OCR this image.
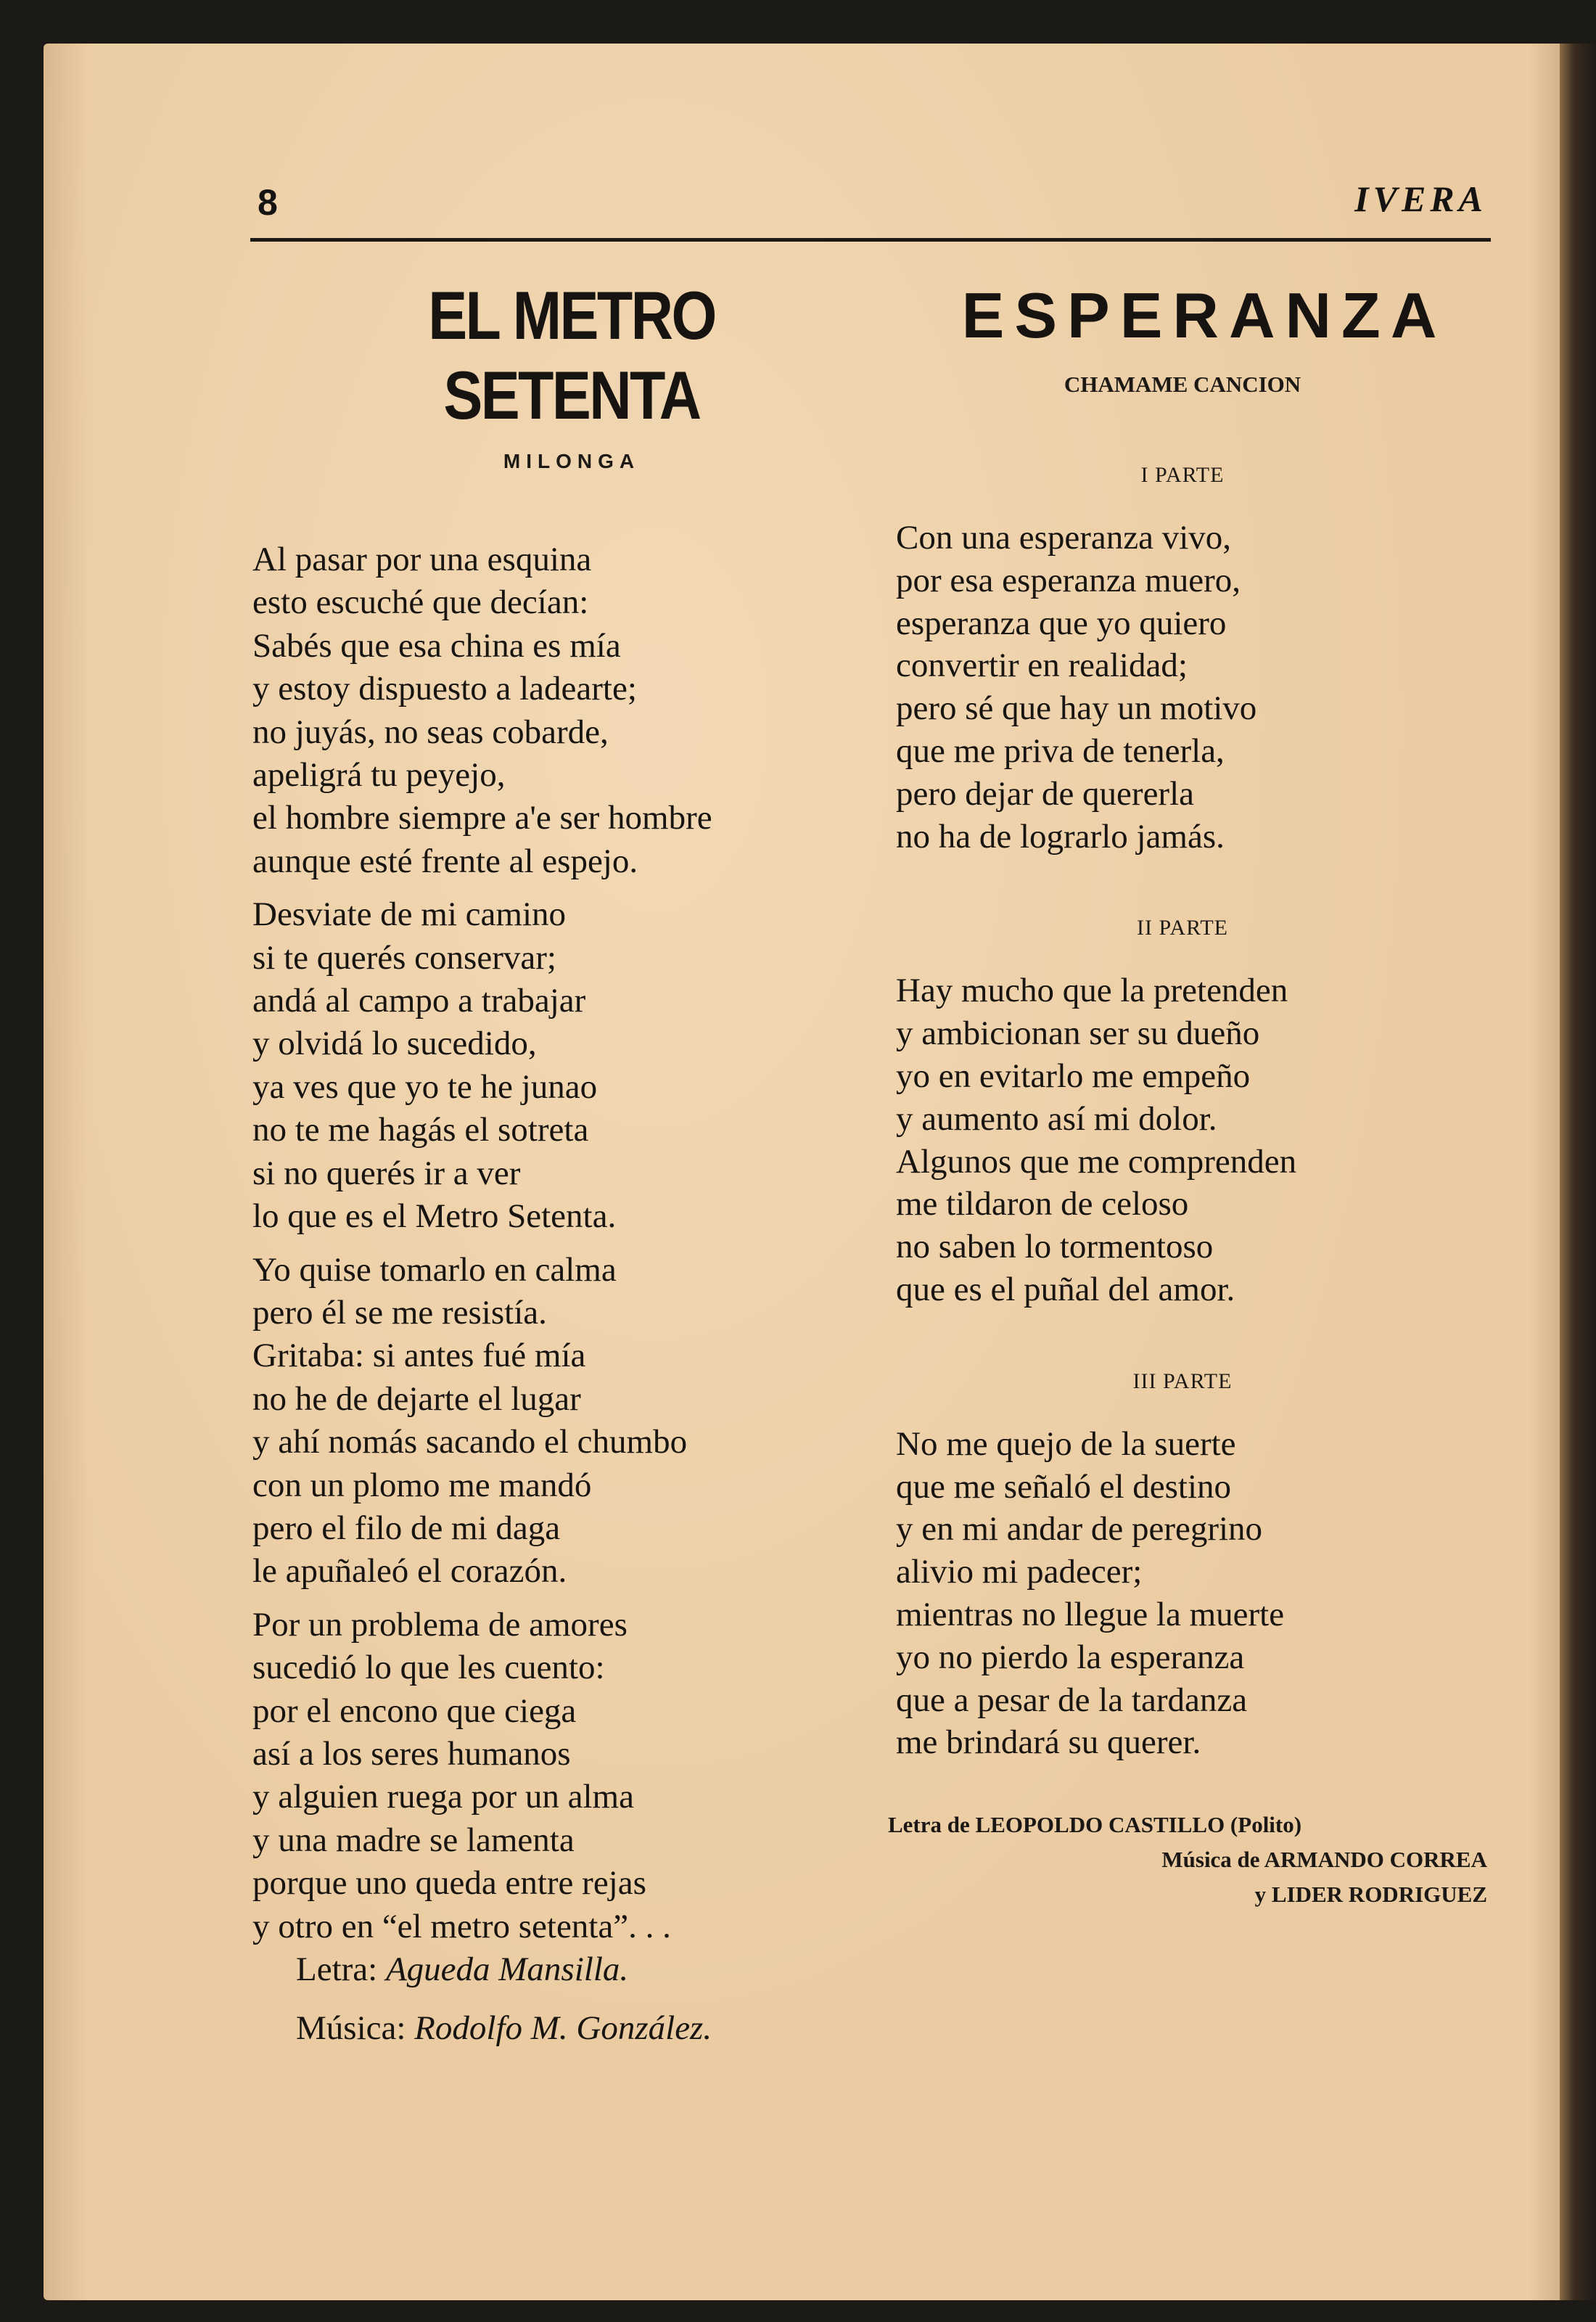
8	IVERA
EL METRO SETENTA
MILONGA
Al pasar por una esquina
esto escuché que decían:
Sabés que esa china es mía
y estoy dispuesto a ladearte;
no juyás, no seas cobarde,
apeligrá tu peyejo,
el hombre siempre a'e ser hombre
aunque esté frente al espejo.
Desviate de mi camino
si te querés conservar;
andá al campo a trabajar
y olvidá lo sucedido,
ya ves que yo te he junao
no te me hagás el sotreta
si no querés ir a ver
lo que es el Metro Setenta.
Yo quise tomarlo en calma
pero él se me resistía.
Gritaba: si antes fué mía
no he de dejarte el lugar
y ahí nomás sacando el chumbo
con un plomo me mandó
pero el filo de mi daga
le apuñaleó el corazón.
Por un problema de amores
sucedió lo que les cuento:
por el encono que ciega
así a los seres humanos
y alguien ruega por un alma
y una madre se lamenta
porque uno queda entre rejas
y otro en “el metro setenta”. . .
Letra: Agueda Mansilla.
Música: Rodolfo M. González.
ESPERANZA
CHAMAME CANCION
I PARTE
Con una esperanza vivo,
por esa esperanza muero,
esperanza que yo quiero
convertir en realidad;
pero sé que hay un motivo
que me priva de tenerla,
pero dejar de quererla
no ha de lograrlo jamás.
II PARTE
Hay mucho que la pretenden
y ambicionan ser su dueño
yo en evitarlo me empeño
y aumento así mi dolor.
Algunos que me comprenden
me tildaron de celoso
no saben lo tormentoso
que es el puñal del amor.
III PARTE
No me quejo de la suerte
que me señaló el destino
y en mi andar de peregrino
alivio mi padecer;
mientras no llegue la muerte
yo no pierdo la esperanza
que a pesar de la tardanza
me brindará su querer.
Letra de LEOPOLDO CASTILLO (Polito)
Música de ARMANDO CORREA
y LIDER RODRIGUEZ
